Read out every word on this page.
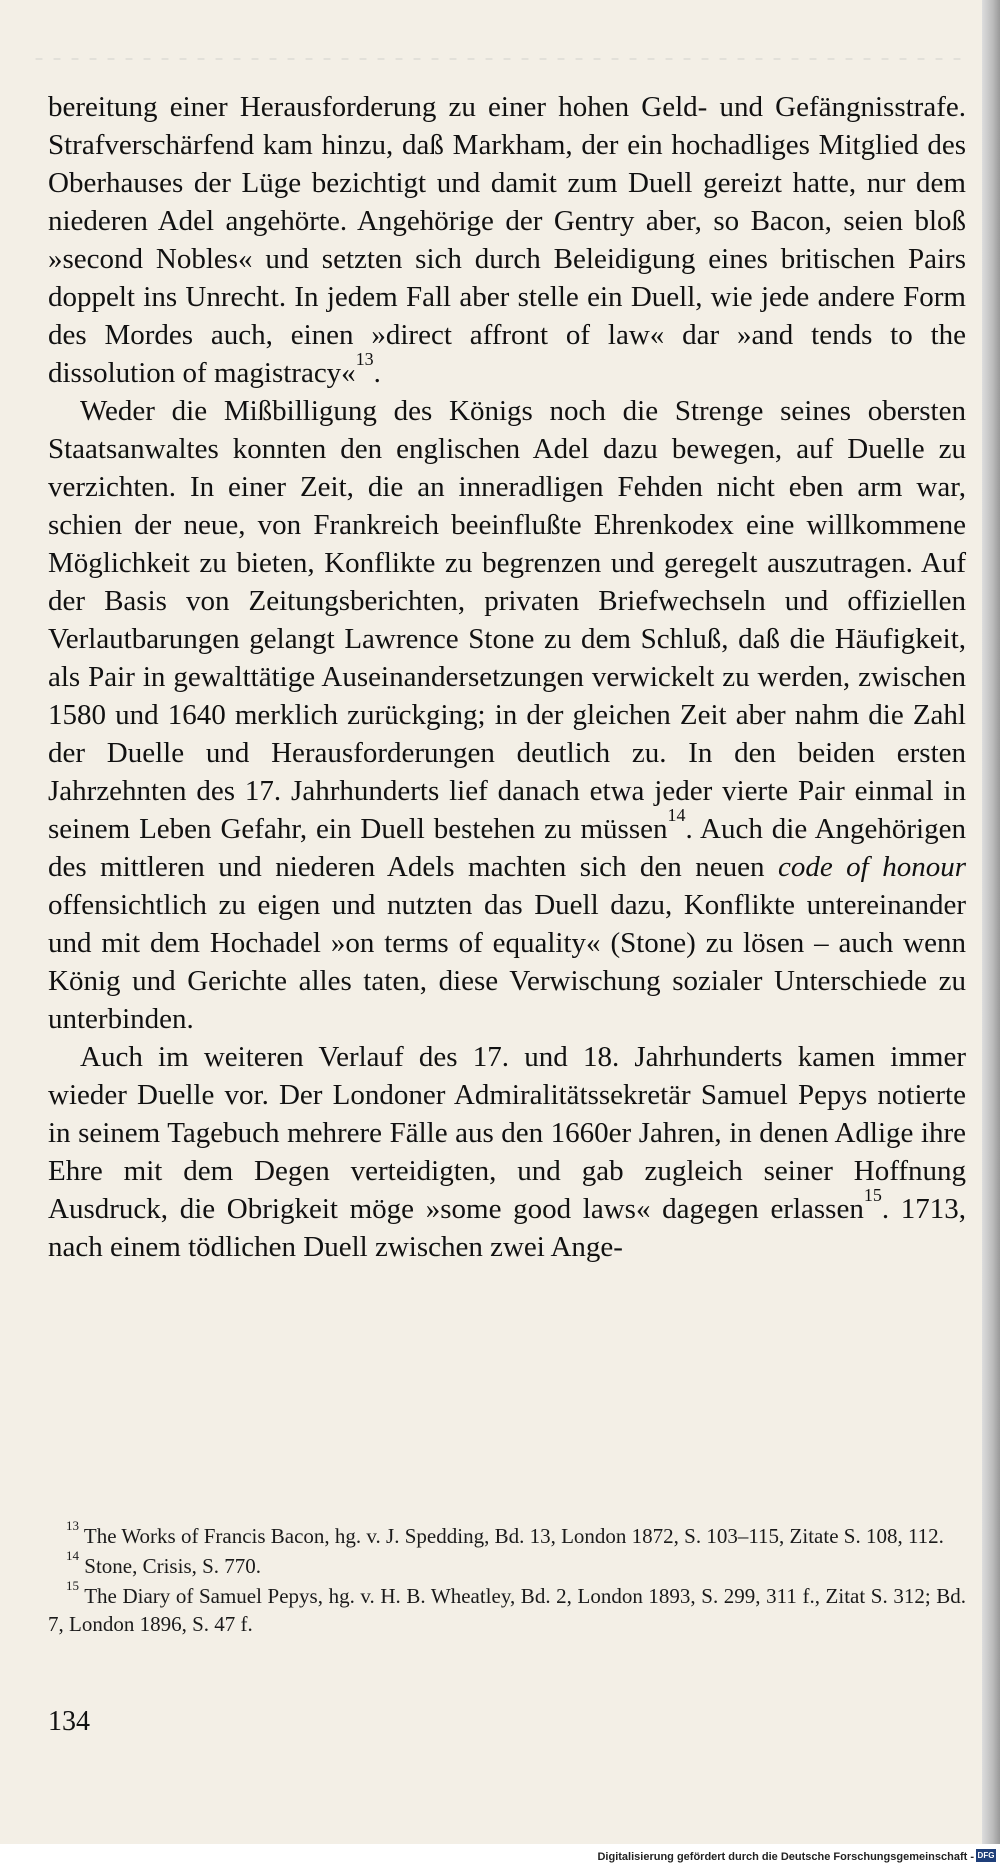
bereitung einer Herausforderung zu einer hohen Geld- und Gefängnisstrafe. Strafverschärfend kam hinzu, daß Markham, der ein hochadliges Mitglied des Oberhauses der Lüge bezichtigt und damit zum Duell gereizt hatte, nur dem niederen Adel angehörte. Angehörige der Gentry aber, so Bacon, seien bloß »second Nobles« und setzten sich durch Beleidigung eines britischen Pairs doppelt ins Unrecht. In jedem Fall aber stelle ein Duell, wie jede andere Form des Mordes auch, einen »direct affront of law« dar »and tends to the dissolution of magistracy«$^{13}$.

Weder die Mißbilligung des Königs noch die Strenge seines obersten Staatsanwaltes konnten den englischen Adel dazu bewegen, auf Duelle zu verzichten. In einer Zeit, die an inneradligen Fehden nicht eben arm war, schien der neue, von Frankreich beeinflußte Ehrenkodex eine willkommene Möglichkeit zu bieten, Konflikte zu begrenzen und geregelt auszutragen. Auf der Basis von Zeitungsberichten, privaten Briefwechseln und offiziellen Verlautbarungen gelangt Lawrence Stone zu dem Schluß, daß die Häufigkeit, als Pair in gewalttätige Auseinandersetzungen verwickelt zu werden, zwischen 1580 und 1640 merklich zurückging; in der gleichen Zeit aber nahm die Zahl der Duelle und Herausforderungen deutlich zu. In den beiden ersten Jahrzehnten des 17. Jahrhunderts lief danach etwa jeder vierte Pair einmal in seinem Leben Gefahr, ein Duell bestehen zu müssen$^{14}$. Auch die Angehörigen des mittleren und niederen Adels machten sich den neuen code of honour offensichtlich zu eigen und nutzten das Duell dazu, Konflikte untereinander und mit dem Hochadel »on terms of equality« (Stone) zu lösen – auch wenn König und Gerichte alles taten, diese Verwischung sozialer Unterschiede zu unterbinden.

Auch im weiteren Verlauf des 17. und 18. Jahrhunderts kamen immer wieder Duelle vor. Der Londoner Admiralitätssekretär Samuel Pepys notierte in seinem Tagebuch mehrere Fälle aus den 1660er Jahren, in denen Adlige ihre Ehre mit dem Degen verteidigten, und gab zugleich seiner Hoffnung Ausdruck, die Obrigkeit möge »some good laws« dagegen erlassen$^{15}$. 1713, nach einem tödlichen Duell zwischen zwei Ange-

$^{13}$ The Works of Francis Bacon, hg. v. J. Spedding, Bd. 13, London 1872, S. 103–115, Zitate S. 108, 112.

$^{14}$ Stone, Crisis, S. 770.

$^{15}$ The Diary of Samuel Pepys, hg. v. H. B. Wheatley, Bd. 2, London 1893, S. 299, 311 f., Zitat S. 312; Bd. 7, London 1896, S. 47 f.

134
Digitalisierung gefördert durch die Deutsche Forschungsgemeinschaft - DFG
